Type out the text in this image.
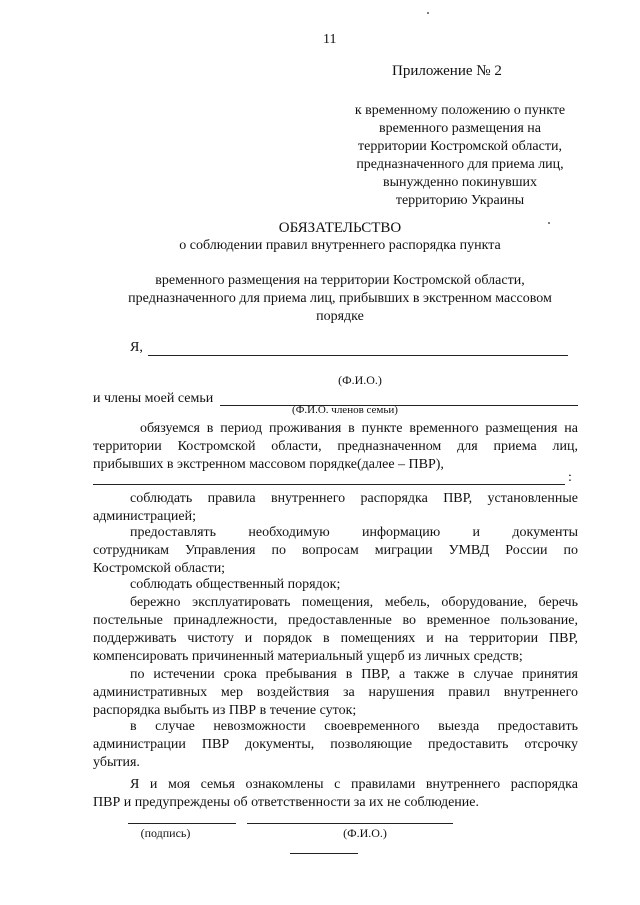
11
Приложение № 2
к временному положению о пункте
временного размещения на
территории Костромской области,
предназначенного для приема лиц,
вынужденно покинувших
территорию Украины
ОБЯЗАТЕЛЬСТВО
о соблюдении правил внутреннего распорядка пункта
временного размещения на территории Костромской области,
предназначенного для приема лиц, прибывших в экстренном массовом
порядке
Я,
(Ф.И.О.)
и члены моей семьи
(Ф.И.О. членов семьи)
обязуемся в период проживания в пункте временного размещения на
территории Костромской области, предназначенном для приема лиц,
прибывших в экстренном массовом порядке(далее – ПВР),
:
соблюдать правила внутреннего распорядка ПВР, установленные
администрацией;
предоставлять необходимую информацию и документы
сотрудникам Управления по вопросам миграции УМВД России по
Костромской области;
соблюдать общественный порядок;
бережно эксплуатировать помещения, мебель, оборудование, беречь
постельные принадлежности, предоставленные во временное пользование,
поддерживать чистоту и порядок в помещениях и на территории ПВР,
компенсировать причиненный материальный ущерб из личных средств;
по истечении срока пребывания в ПВР, а также в случае принятия
административных мер воздействия за нарушения правил внутреннего
распорядка выбыть из ПВР в течение суток;
в случае невозможности своевременного выезда предоставить
администрации ПВР документы, позволяющие предоставить отсрочку
убытия.
Я и моя семья ознакомлены с правилами внутреннего распорядка
ПВР и предупреждены об ответственности за их не соблюдение.
(подпись)	(Ф.И.О.)
